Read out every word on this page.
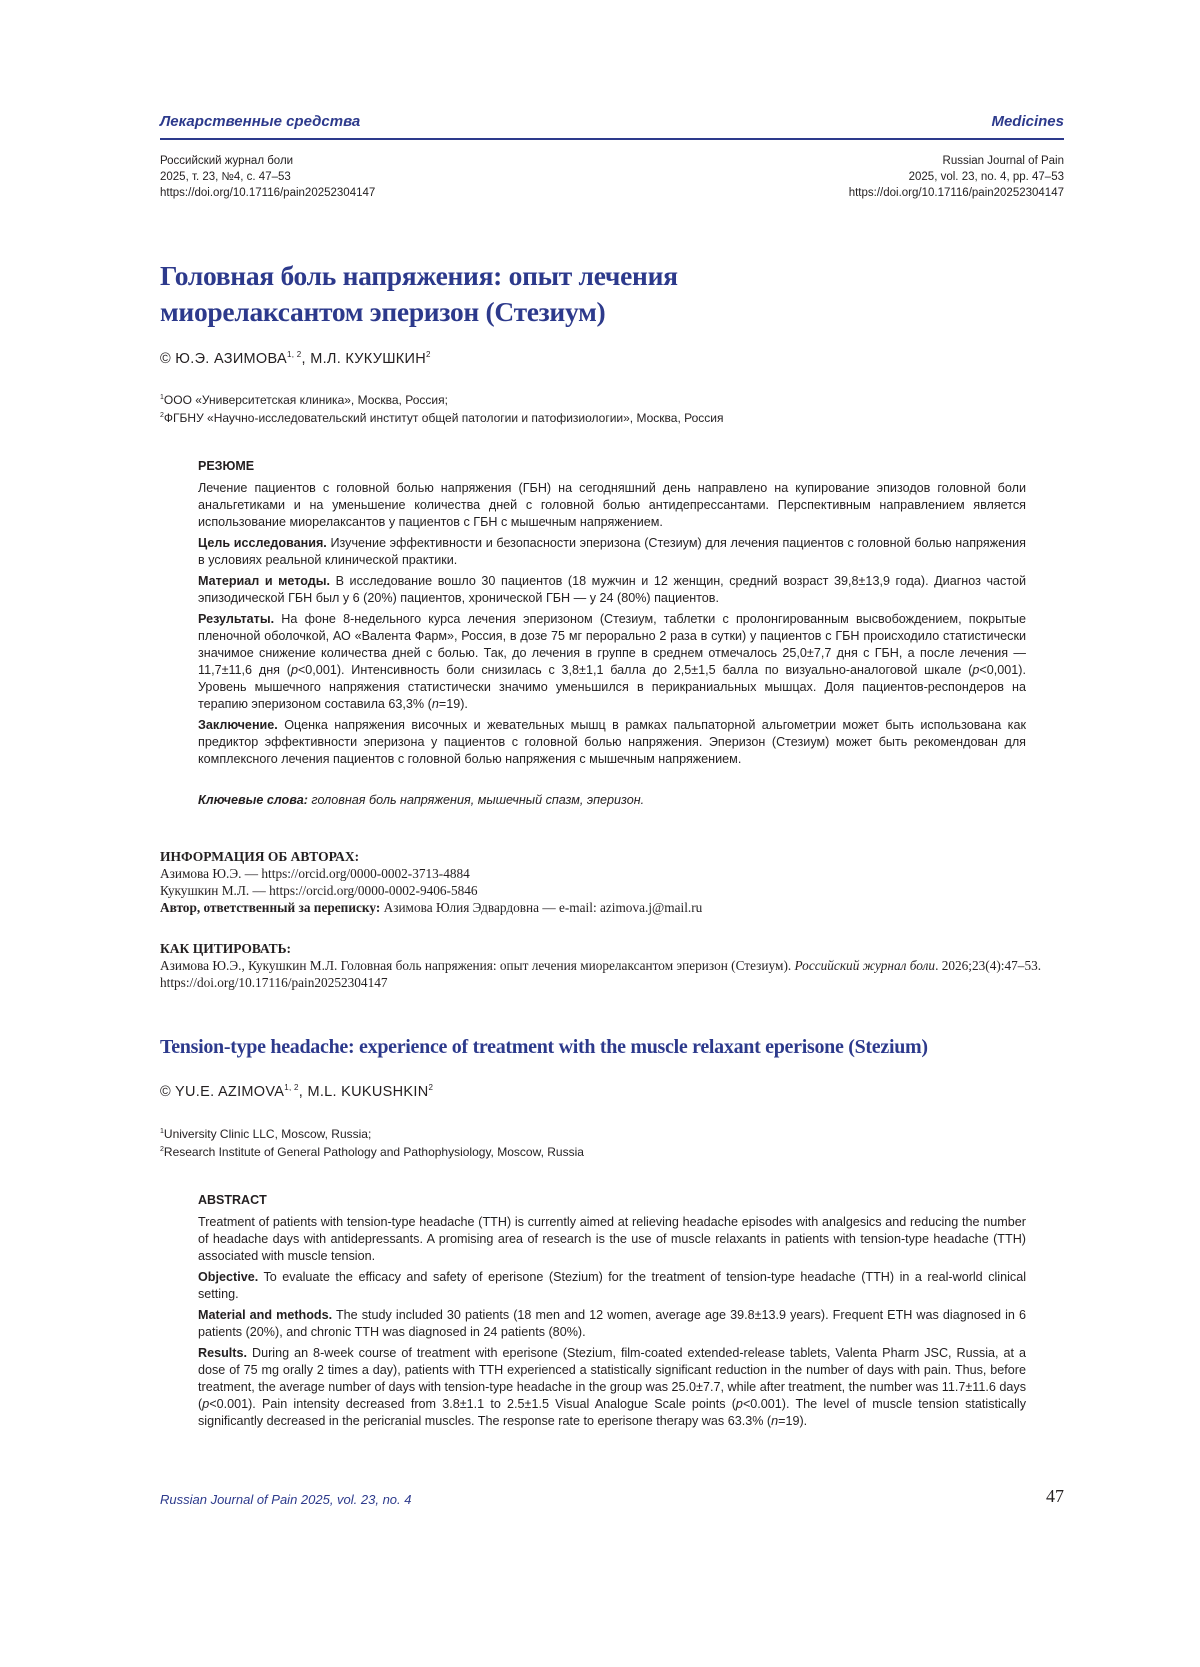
Лекарственные средства	Medicines
Российский журнал боли
2025, т. 23, №4, с. 47–53
https://doi.org/10.17116/pain20252304147
Russian Journal of Pain
2025, vol. 23, no. 4, pp. 47–53
https://doi.org/10.17116/pain20252304147
Головная боль напряжения: опыт лечения
миорелаксантом эперизон (Стезиум)
© Ю.Э. АЗИМОВА$^{1, 2}$, М.Л. КУКУШКИН$^2$
$^1$ООО «Университетская клиника», Москва, Россия;
$^2$ФГБНУ «Научно-исследовательский институт общей патологии и патофизиологии», Москва, Россия
РЕЗЮМЕ

Лечение пациентов с головной болью напряжения (ГБН) на сегодняшний день направлено на купирование эпизодов головной боли анальгетиками и на уменьшение количества дней с головной болью антидепрессантами. Перспективным направлением является использование миорелаксантов у пациентов с ГБН с мышечным напряжением.

Цель исследования. Изучение эффективности и безопасности эперизона (Стезиум) для лечения пациентов с головной болью напряжения в условиях реальной клинической практики.

Материал и методы. В исследование вошло 30 пациентов (18 мужчин и 12 женщин, средний возраст 39,8±13,9 года). Диагноз частой эпизодической ГБН был у 6 (20%) пациентов, хронической ГБН — у 24 (80%) пациентов.

Результаты. На фоне 8-недельного курса лечения эперизоном (Стезиум, таблетки с пролонгированным высвобождением, покрытые пленочной оболочкой, АО «Валента Фарм», Россия, в дозе 75 мг перорально 2 раза в сутки) у пациентов с ГБН происходило статистически значимое снижение количества дней с болью. Так, до лечения в группе в среднем отмечалось 25,0±7,7 дня с ГБН, а после лечения — 11,7±11,6 дня (p<0,001). Интенсивность боли снизилась с 3,8±1,1 балла до 2,5±1,5 балла по визуально-аналоговой шкале (p<0,001). Уровень мышечного напряжения статистически значимо уменьшился в перикраниальных мышцах. Доля пациентов-респондеров на терапию эперизоном составила 63,3% (n=19).

Заключение. Оценка напряжения височных и жевательных мышц в рамках пальпаторной альгометрии может быть использована как предиктор эффективности эперизона у пациентов с головной болью напряжения. Эперизон (Стезиум) может быть рекомендован для комплексного лечения пациентов с головной болью напряжения с мышечным напряжением.

Ключевые слова: головная боль напряжения, мышечный спазм, эперизон.
ИНФОРМАЦИЯ ОБ АВТОРАХ:
Азимова Ю.Э. — https://orcid.org/0000-0002-3713-4884
Кукушкин М.Л. — https://orcid.org/0000-0002-9406-5846
Автор, ответственный за переписку: Азимова Юлия Эдвардовна — e-mail: azimova.j@mail.ru
КАК ЦИТИРОВАТЬ:
Азимова Ю.Э., Кукушкин М.Л. Головная боль напряжения: опыт лечения миорелаксантом эперизон (Стезиум). Российский журнал боли. 2026;23(4):47–53. https://doi.org/10.17116/pain20252304147
Tension-type headache: experience of treatment with the muscle relaxant eperisone (Stezium)
© YU.E. AZIMOVA$^{1, 2}$, M.L. KUKUSHKIN$^2$
$^1$University Clinic LLC, Moscow, Russia;
$^2$Research Institute of General Pathology and Pathophysiology, Moscow, Russia
ABSTRACT

Treatment of patients with tension-type headache (TTH) is currently aimed at relieving headache episodes with analgesics and reducing the number of headache days with antidepressants. A promising area of research is the use of muscle relaxants in patients with tension-type headache (TTH) associated with muscle tension.

Objective. To evaluate the efficacy and safety of eperisone (Stezium) for the treatment of tension-type headache (TTH) in a real-world clinical setting.

Material and methods. The study included 30 patients (18 men and 12 women, average age 39.8±13.9 years). Frequent ETH was diagnosed in 6 patients (20%), and chronic TTH was diagnosed in 24 patients (80%).

Results. During an 8-week course of treatment with eperisone (Stezium, film-coated extended-release tablets, Valenta Pharm JSC, Russia, at a dose of 75 mg orally 2 times a day), patients with TTH experienced a statistically significant reduction in the number of days with pain. Thus, before treatment, the average number of days with tension-type headache in the group was 25.0±7.7, while after treatment, the number was 11.7±11.6 days (p<0.001). Pain intensity decreased from 3.8±1.1 to 2.5±1.5 Visual Analogue Scale points (p<0.001). The level of muscle tension statistically significantly decreased in the pericranial muscles. The response rate to eperisone therapy was 63.3% (n=19).

Russian Journal of Pain 2025, vol. 23, no. 4	47
